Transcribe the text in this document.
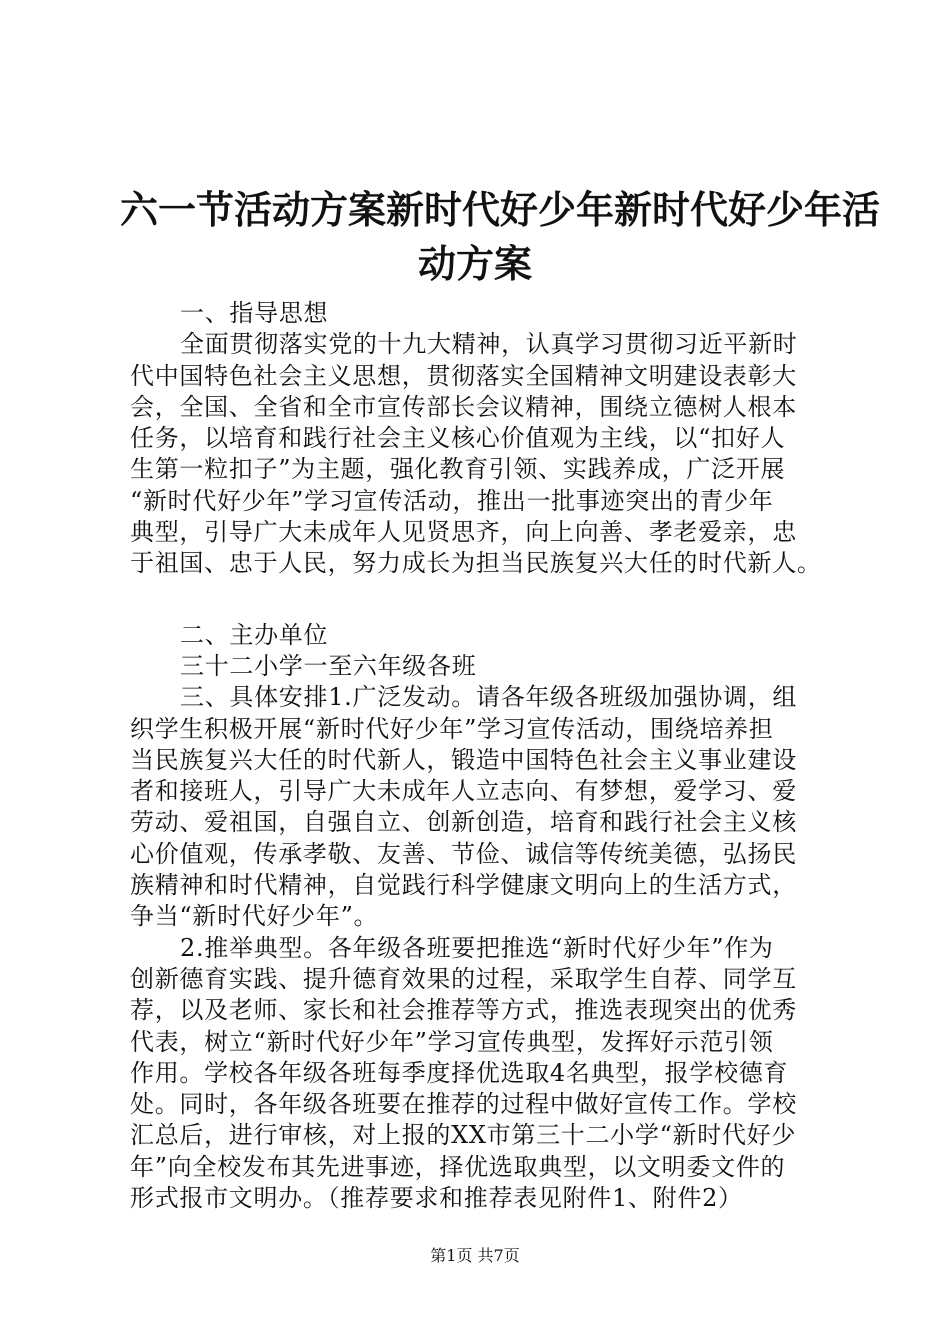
六一节活动方案新时代好少年新时代好少年活
动方案
一、指导思想
全面贯彻落实党的十九大精神，认真学习贯彻习近平新时
代中国特色社会主义思想，贯彻落实全国精神文明建设表彰大
会，全国、全省和全市宣传部长会议精神，围绕立德树人根本
任务，以培育和践行社会主义核心价值观为主线，以“扣好人
生第一粒扣子”为主题，强化教育引领、实践养成，广泛开展
“新时代好少年”学习宣传活动，推出一批事迹突出的青少年
典型，引导广大未成年人见贤思齐，向上向善、孝老爱亲，忠
于祖国、忠于人民，努力成长为担当民族复兴大任的时代新人。
二、主办单位
三十二小学一至六年级各班
三、具体安排1.广泛发动。请各年级各班级加强协调，组
织学生积极开展“新时代好少年”学习宣传活动，围绕培养担
当民族复兴大任的时代新人，锻造中国特色社会主义事业建设
者和接班人，引导广大未成年人立志向、有梦想，爱学习、爱
劳动、爱祖国，自强自立、创新创造，培育和践行社会主义核
心价值观，传承孝敬、友善、节俭、诚信等传统美德，弘扬民
族精神和时代精神，自觉践行科学健康文明向上的生活方式，
争当“新时代好少年”。
2.推举典型。各年级各班要把推选“新时代好少年”作为
创新德育实践、提升德育效果的过程，采取学生自荐、同学互
荐，以及老师、家长和社会推荐等方式，推选表现突出的优秀
代表，树立“新时代好少年”学习宣传典型，发挥好示范引领
作用。学校各年级各班每季度择优选取4名典型，报学校德育
处。同时，各年级各班要在推荐的过程中做好宣传工作。学校
汇总后，进行审核，对上报的XX市第三十二小学“新时代好少
年”向全校发布其先进事迹，择优选取典型，以文明委文件的
形式报市文明办。（推荐要求和推荐表见附件1、附件2）
第1页 共7页
